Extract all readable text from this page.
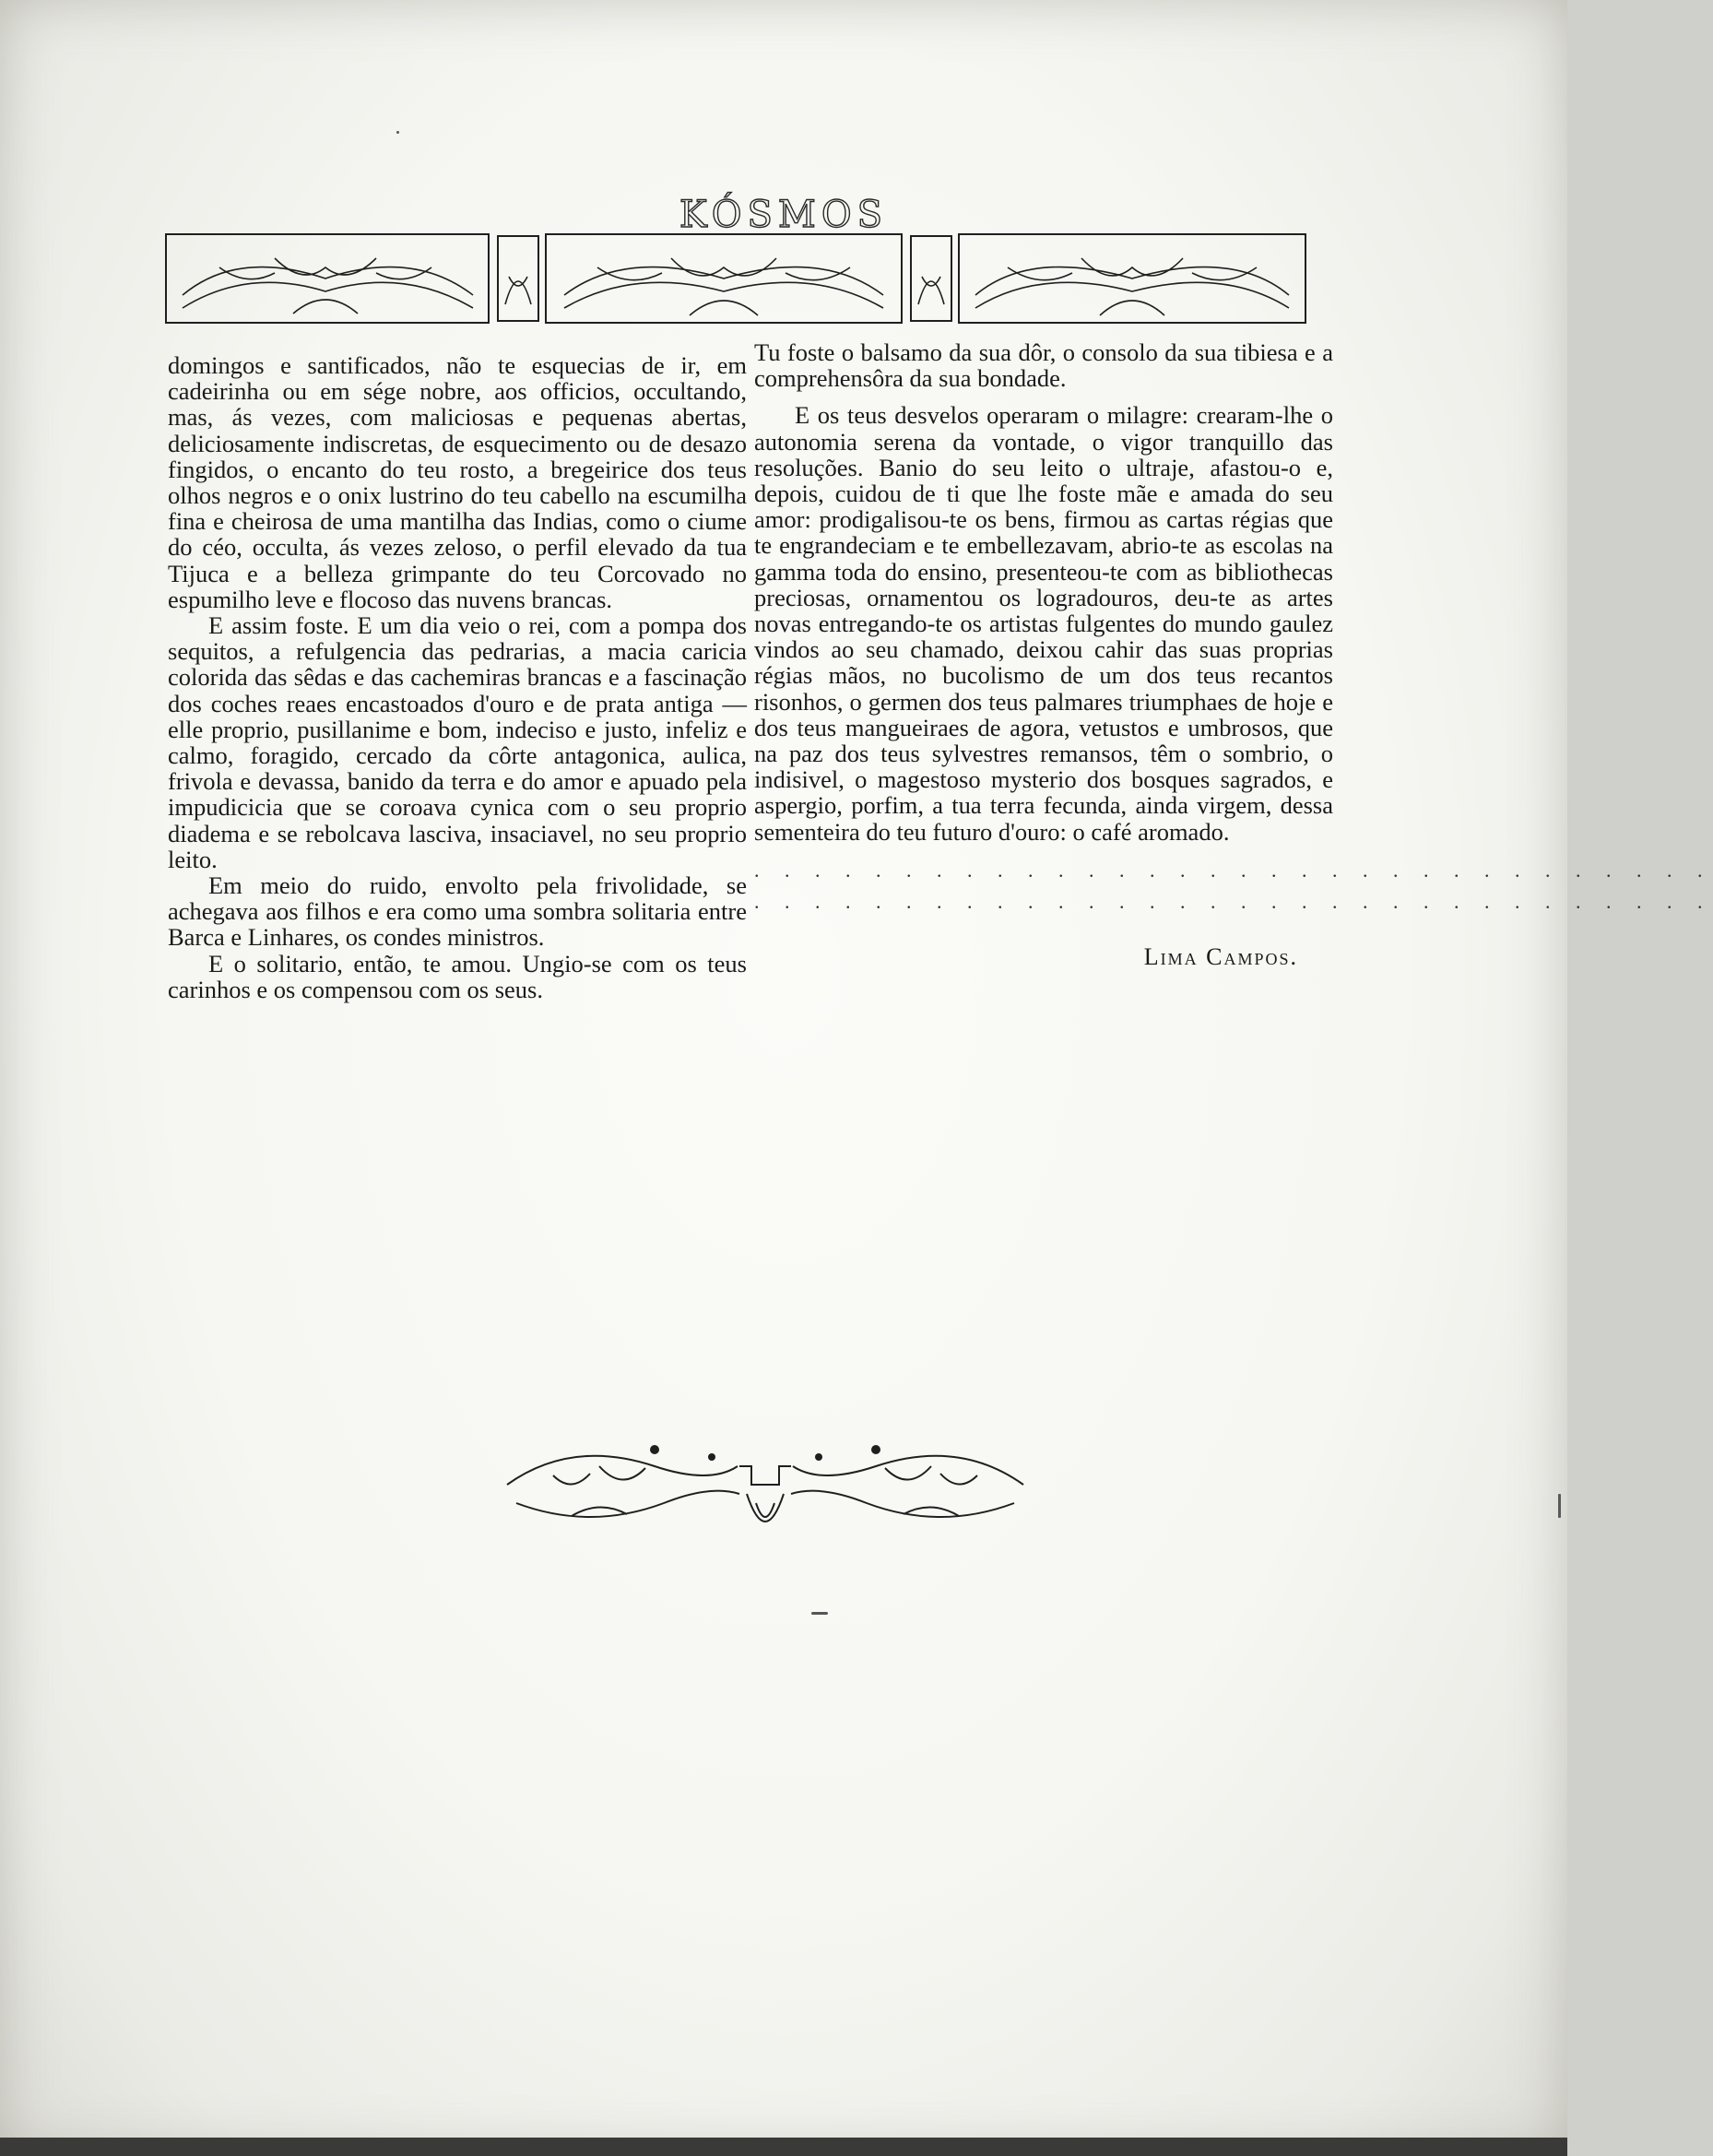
KÓSMOS

domingos e santificados, não te esquecias de ir, em cadeirinha ou em sége nobre, aos officios, occultando, mas, ás vezes, com maliciosas e pequenas abertas, deliciosamente indiscretas, de esquecimento ou de desazo fingidos, o encanto do teu rosto, a bregeirice dos teus olhos negros e o onix lustrino do teu cabello na escumilha fina e cheirosa de uma mantilha das Indias, como o ciume do céo, occulta, ás vezes zeloso, o perfil elevado da tua Tijuca e a belleza grimpante do teu Corcovado no espumilho leve e flocoso das nuvens brancas.

E assim foste. E um dia veio o rei, com a pompa dos sequitos, a refulgencia das pedrarias, a macia caricia colorida das sêdas e das cachemiras brancas e a fascinação dos coches reaes encastoados d'ouro e de prata antiga — elle proprio, pusillanime e bom, indeciso e justo, infeliz e calmo, foragido, cercado da côrte antagonica, aulica, frivola e devassa, banido da terra e do amor e apuado pela impudicicia que se coroava cynica com o seu proprio diadema e se rebolcava lasciva, insaciavel, no seu proprio leito.

Em meio do ruido, envolto pela frivolidade, se achegava aos filhos e era como uma sombra solitaria entre Barca e Linhares, os condes ministros.

E o solitario, então, te amou. Ungio-se com os teus carinhos e os compensou com os seus.

Tu foste o balsamo da sua dôr, o consolo da sua tibiesa e a comprehensôra da sua bondade.

E os teus desvelos operaram o milagre: crearam-lhe o autonomia serena da vontade, o vigor tranquillo das resoluções. Banio do seu leito o ultraje, afastou-o e, depois, cuidou de ti que lhe foste mãe e amada do seu amor: prodigalisou-te os bens, firmou as cartas régias que te engrandeciam e te embellezavam, abrio-te as escolas na gamma toda do ensino, presenteou-te com as bibliothecas preciosas, ornamentou os logradouros, deu-te as artes novas entregando-te os artistas fulgentes do mundo gaulez vindos ao seu chamado, deixou cahir das suas proprias régias mãos, no bucolismo de um dos teus recantos risonhos, o germen dos teus palmares triumphaes de hoje e dos teus mangueiraes de agora, vetustos e umbrosos, que na paz dos teus sylvestres remansos, têm o sombrio, o indisivel, o magestoso mysterio dos bosques sagrados, e aspergio, porfim, a tua terra fecunda, ainda virgem, dessa sementeira do teu futuro d'ouro: o café aromado.

. . . . . . . . . . . . . . . . . . . . . . . . . . . . . . . .
. . . . . . . . . . . . . . . . . . . . . . . . . . . . . . . .
Lima Campos.
